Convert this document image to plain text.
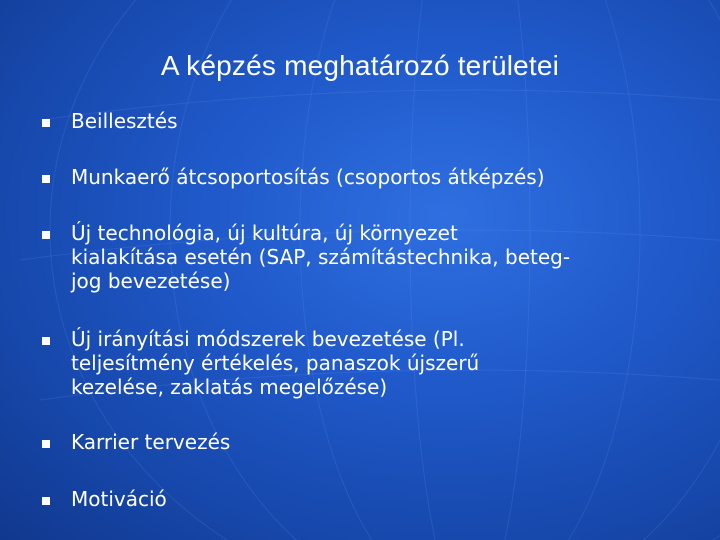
A képzés meghatározó területei
Beillesztés
Munkaerő átcsoportosítás (csoportos átképzés)
Új technológia, új kultúra, új környezet
kialakítása esetén (SAP, számítástechnika, beteg-
jog bevezetése)
Új irányítási módszerek bevezetése (Pl.
teljesítmény értékelés, panaszok újszerű
kezelése, zaklatás megelőzése)
Karrier tervezés
Motiváció
